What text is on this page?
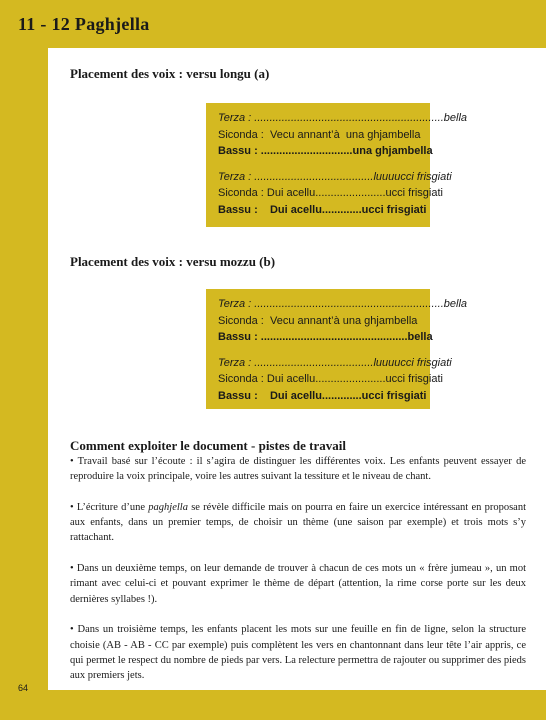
11 - 12 Paghjella
Placement des voix : versu longu (a)
Terza : ..............................................................bella
Siconda :  Vecu annant’à  una ghjambella
Bassu : ..............................una ghjambella
Terza : .......................................luuuucci frisgiati
Siconda : Dui acellu.......................ucci frisgiati
Bassu :    Dui acellu.............ucci frisgiati
Placement des voix : versu mozzu (b)
Terza : ..............................................................bella
Siconda :  Vecu annant’à una ghjambella
Bassu : ................................................bella
Terza : .......................................luuuucci frisgiati
Siconda : Dui acellu.......................ucci frisgiati
Bassu :    Dui acellu.............ucci frisgiati
Comment exploiter le document - pistes de travail

• Travail basé sur l’écoute : il s’agira de distinguer les différentes voix. Les enfants peuvent essayer de reproduire la voix principale, voire les autres suivant la tessiture et le niveau de chant.

• L’écriture d’une paghjella se révèle difficile mais on pourra en faire un exercice intéressant en proposant aux enfants, dans un premier temps, de choisir un thème (une saison par exemple) et trois mots s’y rattachant.

• Dans un deuxième temps, on leur demande de trouver à chacun de ces mots un « frère jumeau », un mot rimant avec celui-ci et pouvant exprimer le thème de départ (attention, la rime corse porte sur les deux dernières syllabes !).

• Dans un troisième temps, les enfants placent les mots sur une feuille en fin de ligne, selon la structure choisie (AB - AB - CC par exemple) puis complètent les vers en chantonnant dans leur tête l’air appris, ce qui permet le respect du nombre de pieds par vers. La relecture permettra de rajouter ou supprimer des pieds aux premiers jets.

64
